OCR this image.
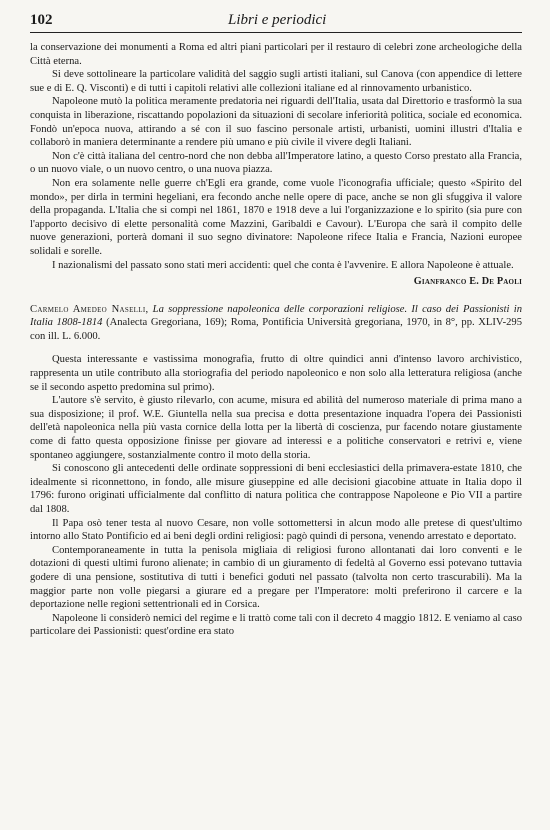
102	Libri e periodici

la conservazione dei monumenti a Roma ed altri piani particolari per il restauro di celebri zone archeologiche della Città eterna.

Si deve sottolineare la particolare validità del saggio sugli artisti italiani, sul Canova (con appendice di lettere sue e di E. Q. Visconti) e di tutti i capitoli relativi alle collezioni italiane ed al rinnovamento urbanistico.

Napoleone mutò la politica meramente predatoria nei riguardi dell'Italia, usata dal Direttorio e trasformò la sua conquista in liberazione, riscattando popolazioni da situazioni di secolare inferiorità politica, sociale ed economica. Fondò un'epoca nuova, attirando a sé con il suo fascino personale artisti, urbanisti, uomini illustri d'Italia e collaborò in maniera determinante a rendere più umano e più civile il vivere degli Italiani.

Non c'è città italiana del centro-nord che non debba all'Imperatore latino, a questo Corso prestato alla Francia, o un nuovo viale, o un nuovo centro, o una nuova piazza.

Non era solamente nelle guerre ch'Egli era grande, come vuole l'iconografia ufficiale; questo «Spirito del mondo», per dirla in termini hegeliani, era fecondo anche nelle opere di pace, anche se non gli sfuggiva il valore della propaganda. L'Italia che si compì nel 1861, 1870 e 1918 deve a lui l'organizzazione e lo spirito (sia pure con l'apporto decisivo di elette personalità come Mazzini, Garibaldi e Cavour). L'Europa che sarà il compito delle nuove generazioni, porterà domani il suo segno divinatore: Napoleone rifece Italia e Francia, Nazioni europee solidali e sorelle.

I nazionalismi del passato sono stati meri accidenti: quel che conta è l'avvenire. E allora Napoleone è attuale.

Gianfranco E. De Paoli
Carmelo Amedeo Naselli, La soppressione napoleonica delle corporazioni religiose. Il caso dei Passionisti in Italia 1808-1814 (Analecta Gregoriana, 169); Roma, Pontificia Università gregoriana, 1970, in 8°, pp. XLIV-295 con ill. L. 6.000.

Questa interessante e vastissima monografia, frutto di oltre quindici anni d'intenso lavoro archivistico, rappresenta un utile contributo alla storiografia del periodo napoleonico e non solo alla letteratura religiosa (anche se il secondo aspetto predomina sul primo).

L'autore s'è servito, è giusto rilevarlo, con acume, misura ed abilità del numeroso materiale di prima mano a sua disposizione; il prof. W.E. Giuntella nella sua precisa e dotta presentazione inquadra l'opera dei Passionisti dell'età napoleonica nella più vasta cornice della lotta per la libertà di coscienza, pur facendo notare giustamente come di fatto questa opposizione finisse per giovare ad interessi e a politiche conservatori e retrivi e, viene spontaneo aggiungere, sostanzialmente contro il moto della storia.

Si conoscono gli antecedenti delle ordinate soppressioni di beni ecclesiastici della primavera-estate 1810, che idealmente si riconnettono, in fondo, alle misure giuseppine ed alle decisioni giacobine attuate in Italia dopo il 1796: furono originati ufficialmente dal conflitto di natura politica che contrappose Napoleone e Pio VII a partire dal 1808.

Il Papa osò tener testa al nuovo Cesare, non volle sottomettersi in alcun modo alle pretese di quest'ultimo intorno allo Stato Pontificio ed ai beni degli ordini religiosi: pagò quindi di persona, venendo arrestato e deportato.

Contemporaneamente in tutta la penisola migliaia di religiosi furono allontanati dai loro conventi e le dotazioni di questi ultimi furono alienate; in cambio di un giuramento di fedeltà al Governo essi potevano tuttavia godere di una pensione, sostitutiva di tutti i benefici goduti nel passato (talvolta non certo trascurabili). Ma la maggior parte non volle piegarsi a giurare ed a pregare per l'Imperatore: molti preferirono il carcere e la deportazione nelle regioni settentrionali ed in Corsica.

Napoleone li considerò nemici del regime e li trattò come tali con il decreto 4 maggio 1812. E veniamo al caso particolare dei Passionisti: quest'ordine era stato
